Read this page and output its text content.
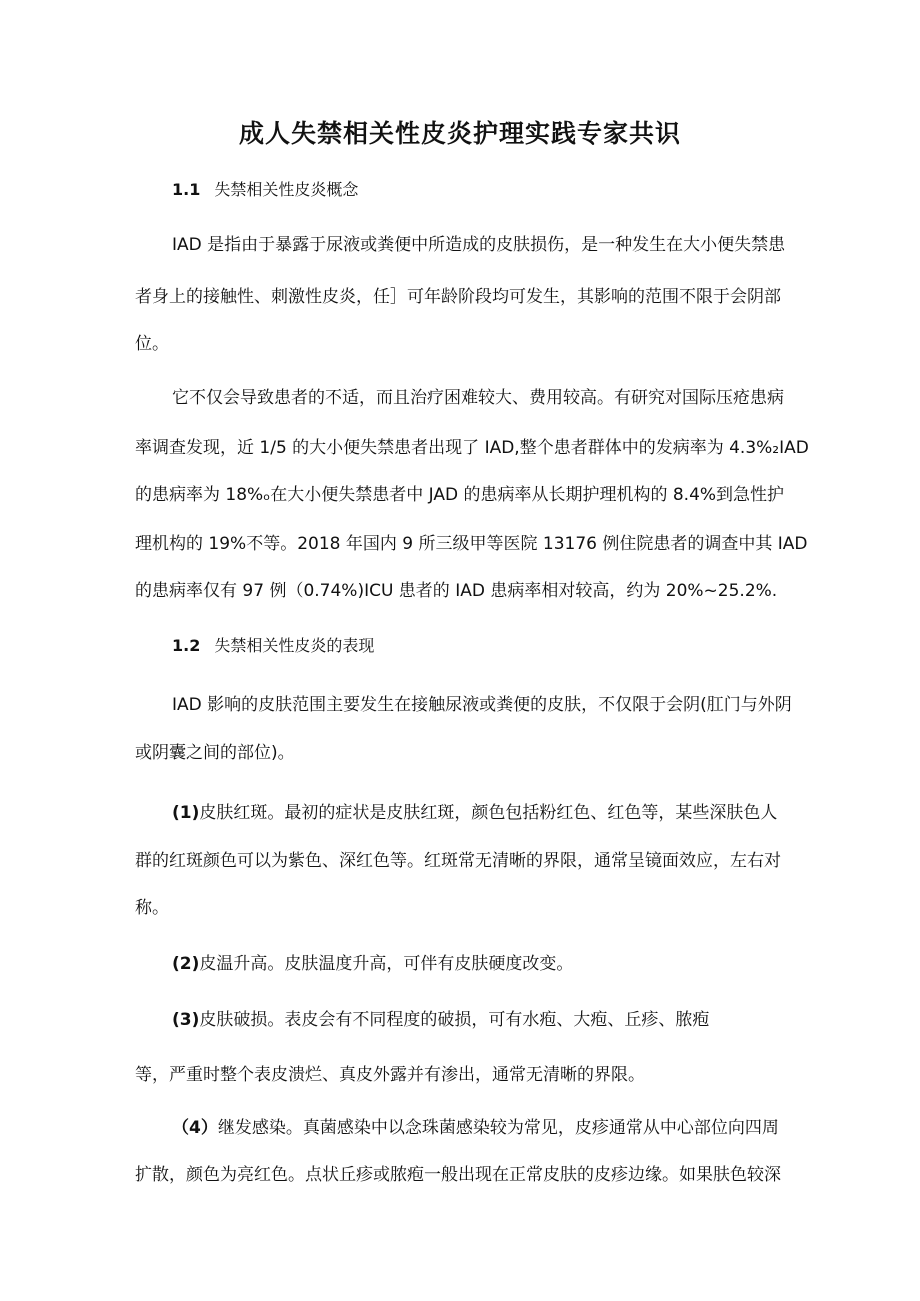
成人失禁相关性皮炎护理实践专家共识

1.1 失禁相关性皮炎概念

IAD 是指由于暴露于尿液或粪便中所造成的皮肤损伤，是一种发生在大小便失禁患

者身上的接触性、刺激性皮炎，任］可年龄阶段均可发生，其影响的范围不限于会阴部

位。

它不仅会导致患者的不适，而且治疗困难较大、费用较高。有研究对国际压疮患病

率调查发现，近 1/5 的大小便失禁患者出现了 IAD,整个患者群体中的发病率为 4.3%₂IAD

的患病率为 18%ₒ在大小便失禁患者中 JAD 的患病率从长期护理机构的 8.4%到急性护

理机构的 19%不等。2018 年国内 9 所三级甲等医院 13176 例住院患者的调查中其 IAD

的患病率仅有 97 例（0.74%)ICU 患者的 IAD 患病率相对较高，约为 20%~25.2%.

1.2 失禁相关性皮炎的表现

IAD 影响的皮肤范围主要发生在接触尿液或粪便的皮肤，不仅限于会阴(肛门与外阴

或阴囊之间的部位)。

(1)皮肤红斑。最初的症状是皮肤红斑，颜色包括粉红色、红色等，某些深肤色人

群的红斑颜色可以为紫色、深红色等。红斑常无清晰的界限，通常呈镜面效应，左右对

称。

(2)皮温升高。皮肤温度升高，可伴有皮肤硬度改变。

(3)皮肤破损。表皮会有不同程度的破损，可有水疱、大疱、丘疹、脓疱

等，严重时整个表皮溃烂、真皮外露并有渗出，通常无清晰的界限。

（4）继发感染。真菌感染中以念珠菌感染较为常见，皮疹通常从中心部位向四周

扩散，颜色为亮红色。点状丘疹或脓疱一般出现在正常皮肤的皮疹边缘。如果肤色较深
